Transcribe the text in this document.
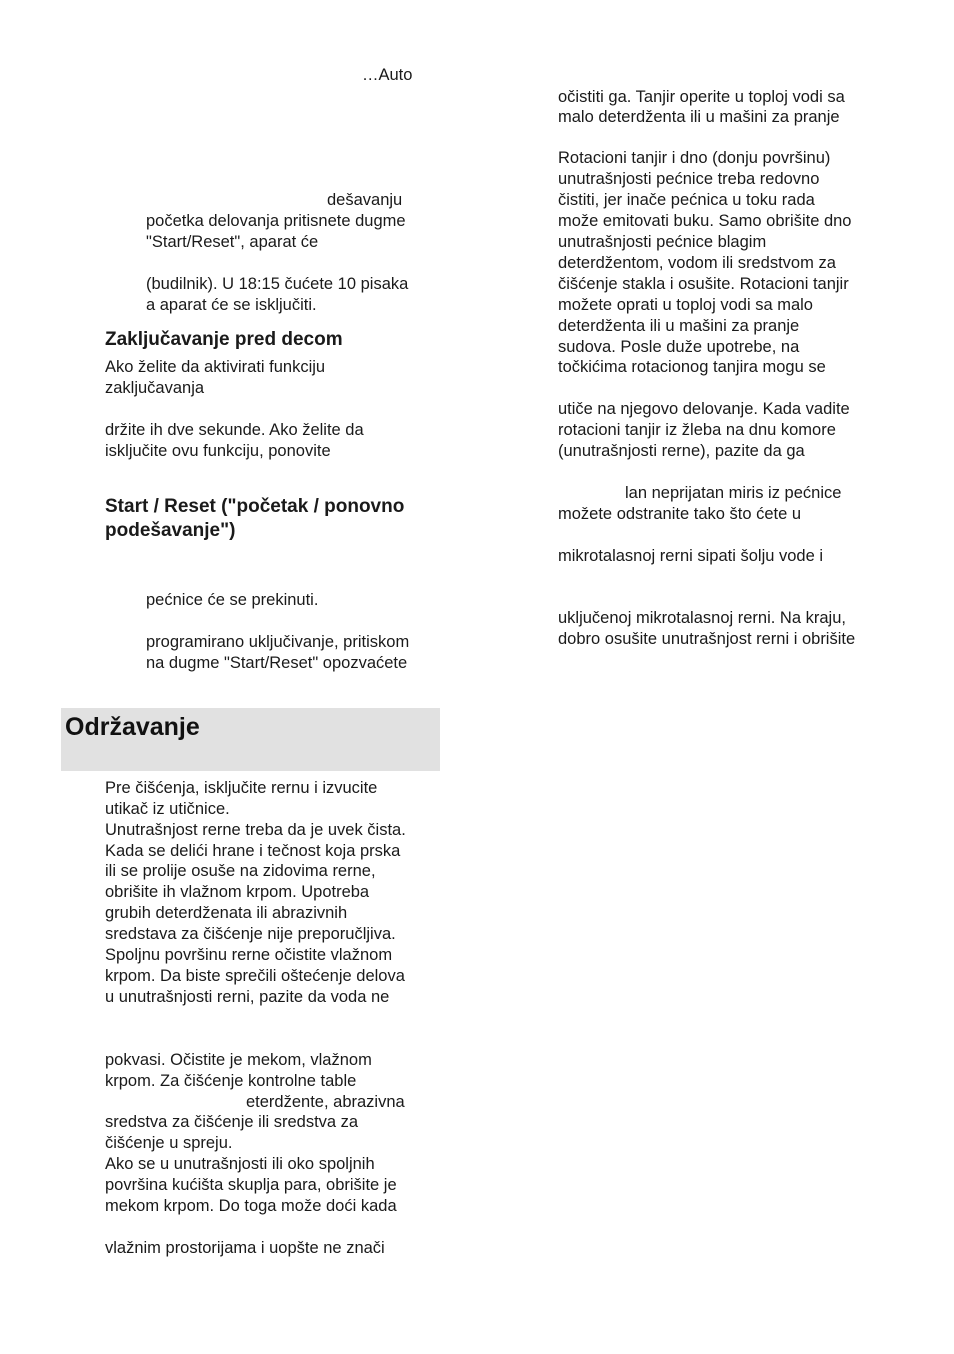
…Auto
dešavanju
početka delovanja pritisnete dugme
"Start/Reset", aparat će
(budilnik). U 18:15 čućete 10 pisaka
a aparat će se isključiti.
Zaključavanje pred decom
Ako želite da aktivirati funkciju
zaključavanja
držite ih dve sekunde. Ako želite da
isključite ovu funkciju, ponovite
Start / Reset ("početak / ponovno
podešavanje")
pećnice će se prekinuti.
programirano uključivanje, pritiskom
na dugme "Start/Reset" opozvaćete
Održavanje
Pre čišćenja, isključite rernu i izvucite
utikač iz utičnice.
Unutrašnjost rerne treba da je uvek čista.
Kada se delići hrane i tečnost koja prska
ili se prolije osuše na zidovima rerne,
obrišite ih vlažnom krpom. Upotreba
grubih deterdženata ili abrazivnih
sredstava za čišćenje nije preporučljiva.
Spoljnu površinu rerne očistite vlažnom
krpom. Da biste sprečili oštećenje delova
u unutrašnjosti rerni, pazite da voda ne
pokvasi. Očistite je mekom, vlažnom
krpom. Za čišćenje kontrolne table
eterdžente, abrazivna
sredstva za čišćenje ili sredstva za
čišćenje u spreju.
Ako se u unutrašnjosti ili oko spoljnih
površina kućišta skuplja para, obrišite je
mekom krpom. Do toga može doći kada
vlažnim prostorijama i uopšte ne znači
očistiti ga. Tanjir operite u toploj vodi sa
malo deterdženta ili u mašini za pranje
Rotacioni tanjir i dno (donju površinu)
unutrašnjosti pećnice treba redovno
čistiti, jer inače pećnica u toku rada
može emitovati buku. Samo obrišite dno
unutrašnjosti pećnice blagim
deterdžentom, vodom ili sredstvom za
čišćenje stakla i osušite. Rotacioni tanjir
možete oprati u toploj vodi sa malo
deterdženta ili u mašini za pranje
sudova. Posle duže upotrebe, na
točkićima rotacionog tanjira mogu se
utiče na njegovo delovanje. Kada vadite
rotacioni tanjir iz žleba na dnu komore
(unutrašnjosti rerne), pazite da ga
lan neprijatan miris iz pećnice
možete odstranite tako što ćete u
mikrotalasnoj rerni sipati šolju vode i
uključenoj mikrotalasnoj rerni. Na kraju,
dobro osušite unutrašnjost rerni i obrišite
